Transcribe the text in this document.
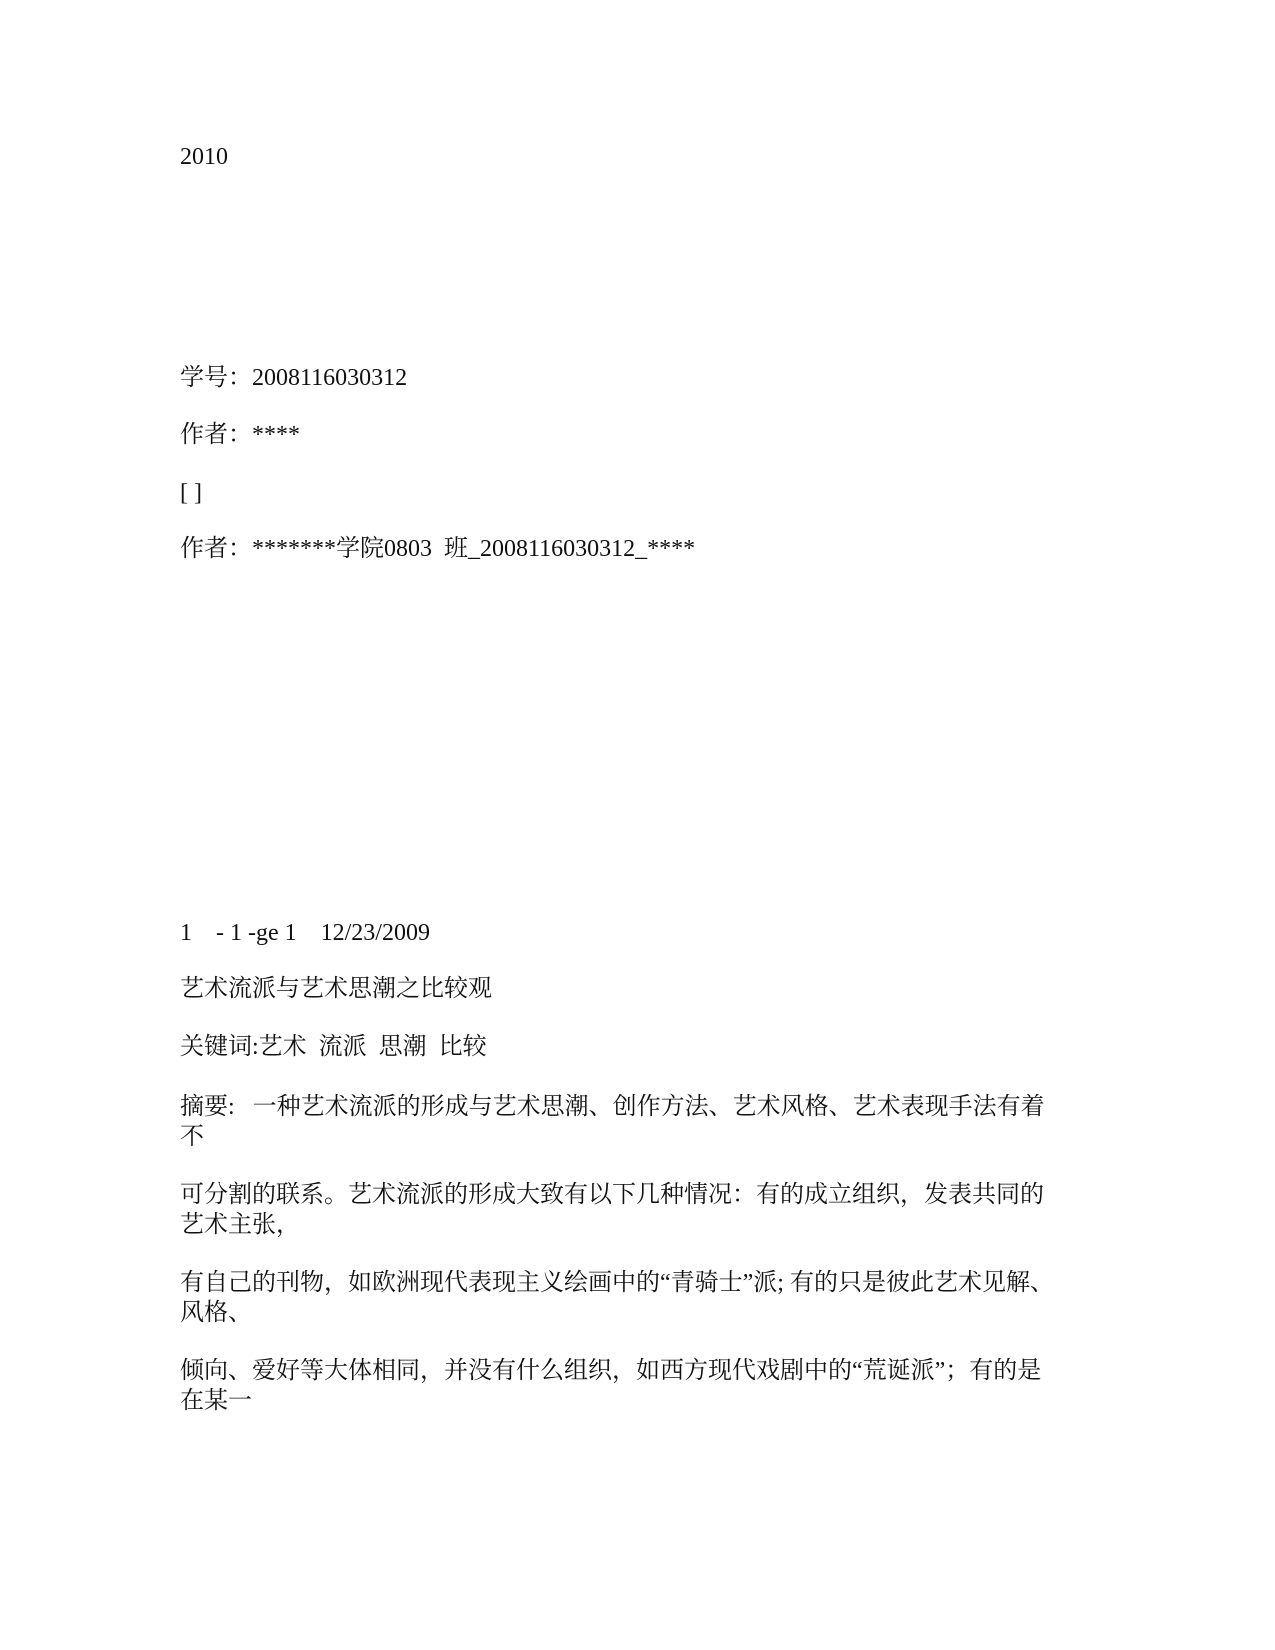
2010
学号：2008116030312
作者：****
[ ]
作者：*******学院0803  班_2008116030312_****
1    - 1 -ge 1    12/23/2009
艺术流派与艺术思潮之比较观
关键词:艺术  流派  思潮  比较
摘要:   一种艺术流派的形成与艺术思潮、创作方法、艺术风格、艺术表现手法有着
不
可分割的联系。艺术流派的形成大致有以下几种情况：有的成立组织，发表共同的
艺术主张，
有自己的刊物，如欧洲现代表现主义绘画中的“青骑士”派; 有的只是彼此艺术见解、
风格、
倾向、爱好等大体相同，并没有什么组织，如西方现代戏剧中的“荒诞派”；有的是
在某一
